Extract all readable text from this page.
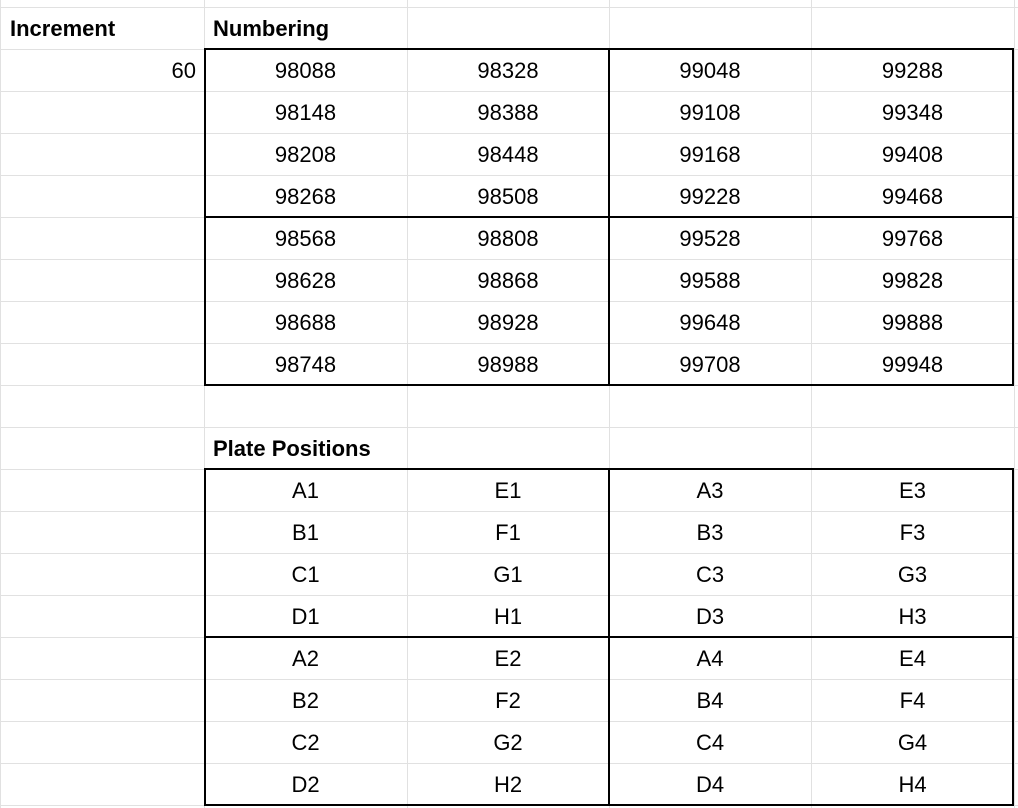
Increment
60
Numbering
98088	98328	99048	99288
98148	98388	99108	99348
98208	98448	99168	99408
98268	98508	99228	99468
98568	98808	99528	99768
98628	98868	99588	99828
98688	98928	99648	99888
98748	98988	99708	99948
Plate Positions
A1	E1	A3	E3
B1	F1	B3	F3
C1	G1	C3	G3
D1	H1	D3	H3
A2	E2	A4	E4
B2	F2	B4	F4
C2	G2	C4	G4
D2	H2	D4	H4
